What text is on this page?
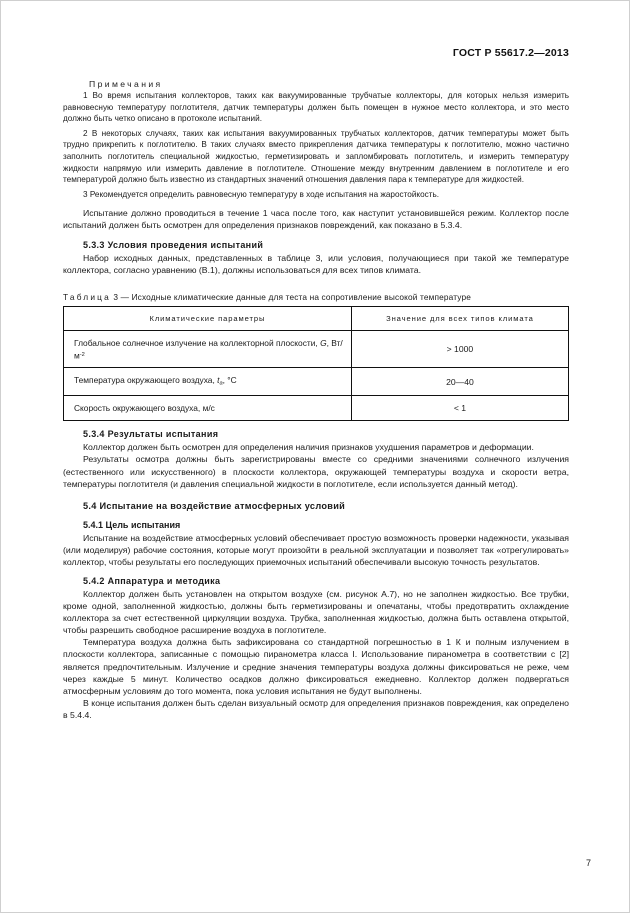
ГОСТ Р 55617.2—2013
Примечания

1 Во время испытания коллекторов, таких как вакуумированные трубчатые коллекторы, для которых нельзя измерить равновесную температуру поглотителя, датчик температуры должен быть помещен в нужное место коллектора, и это место должно быть четко описано в протоколе испытаний.

2 В некоторых случаях, таких как испытания вакуумированных трубчатых коллекторов, датчик температуры может быть трудно прикрепить к поглотителю. В таких случаях вместо прикрепления датчика температуры к поглотителю, можно частично заполнить поглотитель специальной жидкостью, герметизировать и запломбировать поглотитель, и измерить температуру жидкости напрямую или измерить давление в поглотителе. Отношение между внутренним давлением в поглотителе и его температурой должно быть известно из стандартных значений отношения давления пара к температуре для жидкостей.

3 Рекомендуется определить равновесную температуру в ходе испытания на жаростойкость.

Испытание должно проводиться в течение 1 часа после того, как наступит установившейся режим. Коллектор после испытаний должен быть осмотрен для определения признаков повреждений, как показано в 5.3.4.

5.3.3 Условия проведения испытаний

Набор исходных данных, представленных в таблице 3, или условия, получающиеся при такой же температуре коллектора, согласно уравнению (В.1), должны использоваться для всех типов климата.

Таблица 3 — Исходные климатические данные для теста на сопротивление высокой температуре
Климатические параметры	Значение для всех типов климата
Глобальное солнечное излучение на коллекторной плоскости, G, $Вт/м^{-2}$	> 1000
Температура окружающего воздуха, $t_a$, °C	20—40
Скорость окружающего воздуха, м/с	< 1
5.3.4 Результаты испытания

Коллектор должен быть осмотрен для определения наличия признаков ухудшения параметров и деформации.

Результаты осмотра должны быть зарегистрированы вместе со средними значениями солнечного излучения (естественного или искусственного) в плоскости коллектора, окружающей температуры воздуха и скорости ветра, температуры поглотителя (и давления специальной жидкости в поглотителе, если используется данный метод).

5.4 Испытание на воздействие атмосферных условий
5.4.1 Цель испытания

Испытание на воздействие атмосферных условий обеспечивает простую возможность проверки надежности, указывая (или моделируя) рабочие состояния, которые могут произойти в реальной эксплуатации и позволяет так «отрегулировать» коллектор, чтобы результаты его последующих приемочных испытаний обеспечивали высокую точность результатов.

5.4.2 Аппаратура и методика

Коллектор должен быть установлен на открытом воздухе (см. рисунок А.7), но не заполнен жидкостью. Все трубки, кроме одной, заполненной жидкостью, должны быть герметизированы и опечатаны, чтобы предотвратить охлаждение коллектора за счет естественной циркуляции воздуха. Трубка, заполненная жидкостью, должна быть оставлена открытой, чтобы разрешить свободное расширение воздуха в поглотителе.

Температура воздуха должна быть зафиксирована со стандартной погрешностью в 1 К и полным излучением в плоскости коллектора, записанные с помощью пиранометра класса I. Использование пиранометра в соответствии с [2] является предпочтительным. Излучение и средние значения температуры воздуха должны фиксироваться не реже, чем через каждые 5 минут. Количество осадков должно фиксироваться ежедневно. Коллектор должен подвергаться атмосферным условиям до того момента, пока условия испытания не будут выполнены.

В конце испытания должен быть сделан визуальный осмотр для определения признаков повреждения, как определено в 5.4.4.

7
